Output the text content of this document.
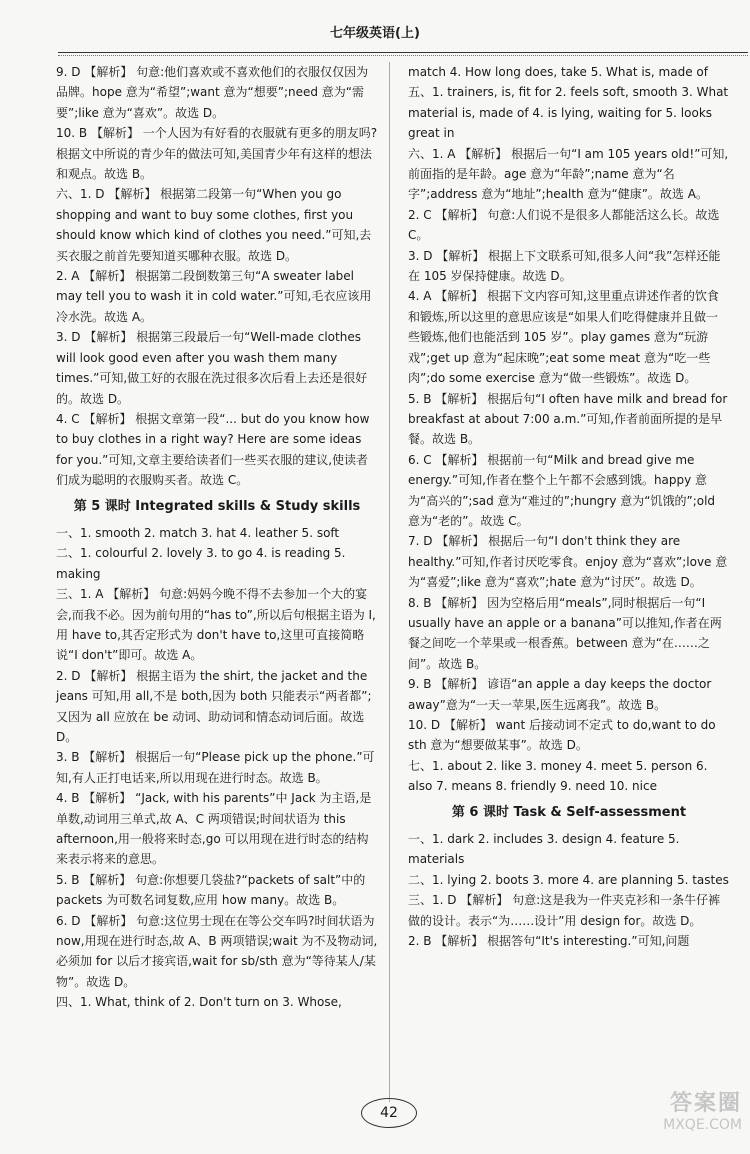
七年级英语(上)
9. D 【解析】 句意:他们喜欢或不喜欢他们的衣服仅仅因为品牌。hope 意为“希望”;want 意为“想要”;need 意为“需要”;like 意为“喜欢”。故选 D。
10. B 【解析】 一个人因为有好看的衣服就有更多的朋友吗?根据文中所说的青少年的做法可知,美国青少年有这样的想法和观点。故选 B。
六、1. D 【解析】 根据第二段第一句“When you go shopping and want to buy some clothes, first you should know which kind of clothes you need.”可知,去买衣服之前首先要知道买哪种衣服。故选 D。
2. A 【解析】 根据第二段倒数第三句“A sweater label may tell you to wash it in cold water.”可知,毛衣应该用冷水洗。故选 A。
3. D 【解析】 根据第三段最后一句“Well-made clothes will look good even after you wash them many times.”可知,做工好的衣服在洗过很多次后看上去还是很好的。故选 D。
4. C 【解析】 根据文章第一段“... but do you know how to buy clothes in a right way? Here are some ideas for you.”可知,文章主要给读者们一些买衣服的建议,使读者们成为聪明的衣服购买者。故选 C。
第 5 课时 Integrated skills & Study skills
一、1. smooth 2. match 3. hat 4. leather 5. soft
二、1. colourful 2. lovely 3. to go 4. is reading 5. making
三、1. A 【解析】 句意:妈妈今晚不得不去参加一个大的宴会,而我不必。因为前句用的“has to”,所以后句根据主语为 I,用 have to,其否定形式为 don't have to,这里可直接简略说“I don't”即可。故选 A。
2. D 【解析】 根据主语为 the shirt, the jacket and the jeans 可知,用 all,不是 both,因为 both 只能表示“两者都”;又因为 all 应放在 be 动词、助动词和情态动词后面。故选 D。
3. B 【解析】 根据后一句“Please pick up the phone.”可知,有人正打电话来,所以用现在进行时态。故选 B。
4. B 【解析】 “Jack, with his parents”中 Jack 为主语,是单数,动词用三单式,故 A、C 两项错误;时间状语为 this afternoon,用一般将来时态,go 可以用现在进行时态的结构来表示将来的意思。
5. B 【解析】 句意:你想要几袋盐?“packets of salt”中的 packets 为可数名词复数,应用 how many。故选 B。
6. D 【解析】 句意:这位男士现在在等公交车吗?时间状语为 now,用现在进行时态,故 A、B 两项错误;wait 为不及物动词,必须加 for 以后才接宾语,wait for sb/sth 意为“等待某人/某物”。故选 D。
四、1. What, think of 2. Don't turn on 3. Whose,
match 4. How long does, take 5. What is, made of
五、1. trainers, is, fit for 2. feels soft, smooth 3. What material is, made of 4. is lying, waiting for 5. looks great in
六、1. A 【解析】 根据后一句“I am 105 years old!”可知,前面指的是年龄。age 意为“年龄”;name 意为“名字”;address 意为“地址”;health 意为“健康”。故选 A。
2. C 【解析】 句意:人们说不是很多人都能活这么长。故选 C。
3. D 【解析】 根据上下文联系可知,很多人问“我”怎样还能在 105 岁保持健康。故选 D。
4. A 【解析】 根据下文内容可知,这里重点讲述作者的饮食和锻炼,所以这里的意思应该是“如果人们吃得健康并且做一些锻炼,他们也能活到 105 岁”。play games 意为“玩游戏”;get up 意为“起床晚”;eat some meat 意为“吃一些肉”;do some exercise 意为“做一些锻炼”。故选 D。
5. B 【解析】 根据后句“I often have milk and bread for breakfast at about 7:00 a.m.”可知,作者前面所提的是早餐。故选 B。
6. C 【解析】 根据前一句“Milk and bread give me energy.”可知,作者在整个上午都不会感到饿。happy 意为“高兴的”;sad 意为“难过的”;hungry 意为“饥饿的”;old 意为“老的”。故选 C。
7. D 【解析】 根据后一句“I don't think they are healthy.”可知,作者讨厌吃零食。enjoy 意为“喜欢”;love 意为“喜爱”;like 意为“喜欢”;hate 意为“讨厌”。故选 D。
8. B 【解析】 因为空格后用“meals”,同时根据后一句“I usually have an apple or a banana”可以推知,作者在两餐之间吃一个苹果或一根香蕉。between 意为“在……之间”。故选 B。
9. B 【解析】 谚语“an apple a day keeps the doctor away”意为“一天一苹果,医生远离我”。故选 B。
10. D 【解析】 want 后接动词不定式 to do,want to do sth 意为“想要做某事”。故选 D。
七、1. about 2. like 3. money 4. meet 5. person 6. also 7. means 8. friendly 9. need 10. nice
第 6 课时 Task & Self-assessment
一、1. dark 2. includes 3. design 4. feature 5. materials
二、1. lying 2. boots 3. more 4. are planning 5. tastes
三、1. D 【解析】 句意:这是我为一件夹克衫和一条牛仔裤做的设计。表示“为……设计”用 design for。故选 D。
2. B 【解析】 根据答句“It's interesting.”可知,问题
42	答案圈
MXQE.COM
